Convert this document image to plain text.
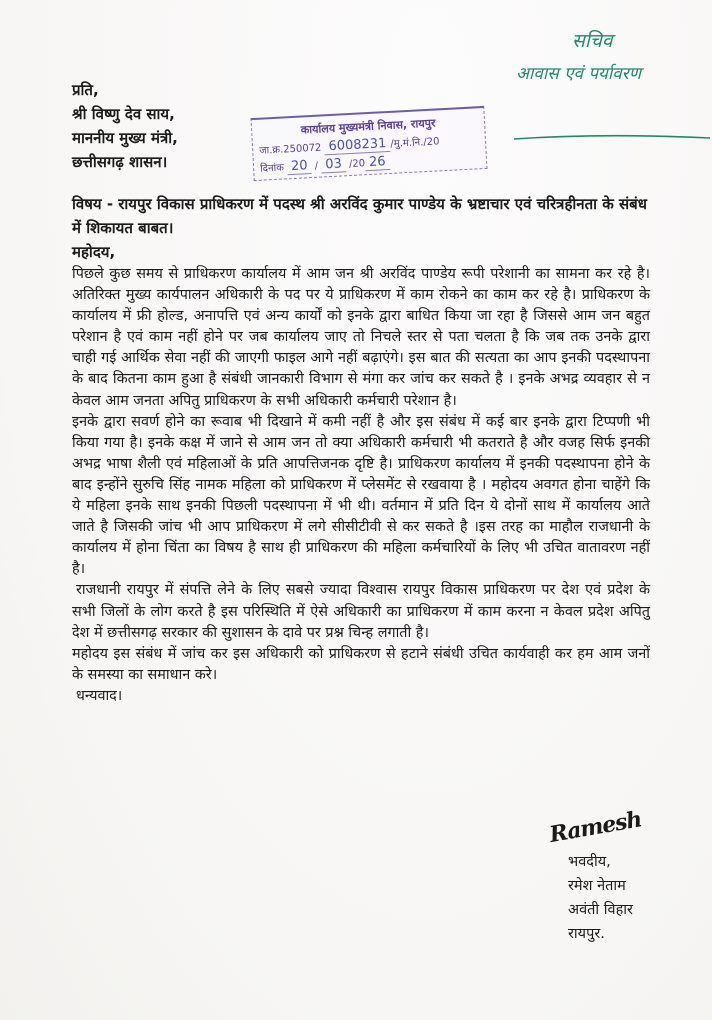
सचिव
आवास एवं पर्यावरण
प्रति,
श्री विष्णु देव साय,
माननीय मुख्य मंत्री,
छत्तीसगढ़ शासन।
कार्यालय मुख्यमंत्री निवास, रायपुर
जा.क्र.250072 6008231 /मु.मं.नि./20
दिनांक 20 / 03 /20 26
विषय - रायपुर विकास प्राधिकरण में पदस्थ श्री अरविंद कुमार पाण्डेय के भ्रष्टाचार एवं चरित्रहीनता के संबंध में शिकायत बाबत।
महोदय,

पिछले कुछ समय से प्राधिकरण कार्यालय में आम जन श्री अरविंद पाण्डेय रूपी परेशानी का सामना कर रहे है। अतिरिक्त मुख्य कार्यपालन अधिकारी के पद पर ये प्राधिकरण में काम रोकने का काम कर रहे है। प्राधिकरण के कार्यालय में फ्री होल्ड, अनापत्ति एवं अन्य कार्यों को इनके द्वारा बाधित किया जा रहा है जिससे आम जन बहुत परेशान है एवं काम नहीं होने पर जब कार्यालय जाए तो निचले स्तर से पता चलता है कि जब तक उनके द्वारा चाही गई आर्थिक सेवा नहीं की जाएगी फाइल आगे नहीं बढ़ाएंगे। इस बात की सत्यता का आप इनकी पदस्थापना के बाद कितना काम हुआ है संबंधी जानकारी विभाग से मंगा कर जांच कर सकते है । इनके अभद्र व्यवहार से न केवल आम जनता अपितु प्राधिकरण के सभी अधिकारी कर्मचारी परेशान है।

इनके द्वारा सवर्ण होने का रूवाब भी दिखाने में कमी नहीं है और इस संबंध में कई बार इनके द्वारा टिप्पणी भी किया गया है। इनके कक्ष में जाने से आम जन तो क्या अधिकारी कर्मचारी भी कतराते है और वजह सिर्फ इनकी अभद्र भाषा शैली एवं महिलाओं के प्रति आपत्तिजनक दृष्टि है। प्राधिकरण कार्यालय में इनकी पदस्थापना होने के बाद इन्होंने सुरुचि सिंह नामक महिला को प्राधिकरण में प्लेसमेंट से रखवाया है । महोदय अवगत होना चाहेंगे कि ये महिला इनके साथ इनकी पिछली पदस्थापना में भी थी। वर्तमान में प्रति दिन ये दोनों साथ में कार्यालय आते जाते है जिसकी जांच भी आप प्राधिकरण में लगे सीसीटीवी से कर सकते है ।इस तरह का माहौल राजधानी के कार्यालय में होना चिंता का विषय है साथ ही प्राधिकरण की महिला कर्मचारियों के लिए भी उचित वातावरण नहीं है।

राजधानी रायपुर में संपत्ति लेने के लिए सबसे ज्यादा विश्वास रायपुर विकास प्राधिकरण पर देश एवं प्रदेश के सभी जिलों के लोग करते है इस परिस्थिति में ऐसे अधिकारी का प्राधिकरण में काम करना न केवल प्रदेश अपितु देश में छत्तीसगढ़ सरकार की सुशासन के दावे पर प्रश्न चिन्ह लगाती है।

महोदय इस संबंध में जांच कर इस अधिकारी को प्राधिकरण से हटाने संबंधी उचित कार्यवाही कर हम आम जनों के समस्या का समाधान करे।

धन्यवाद।

Ramesh
भवदीय,
रमेश नेताम
अवंती विहार
रायपुर.
